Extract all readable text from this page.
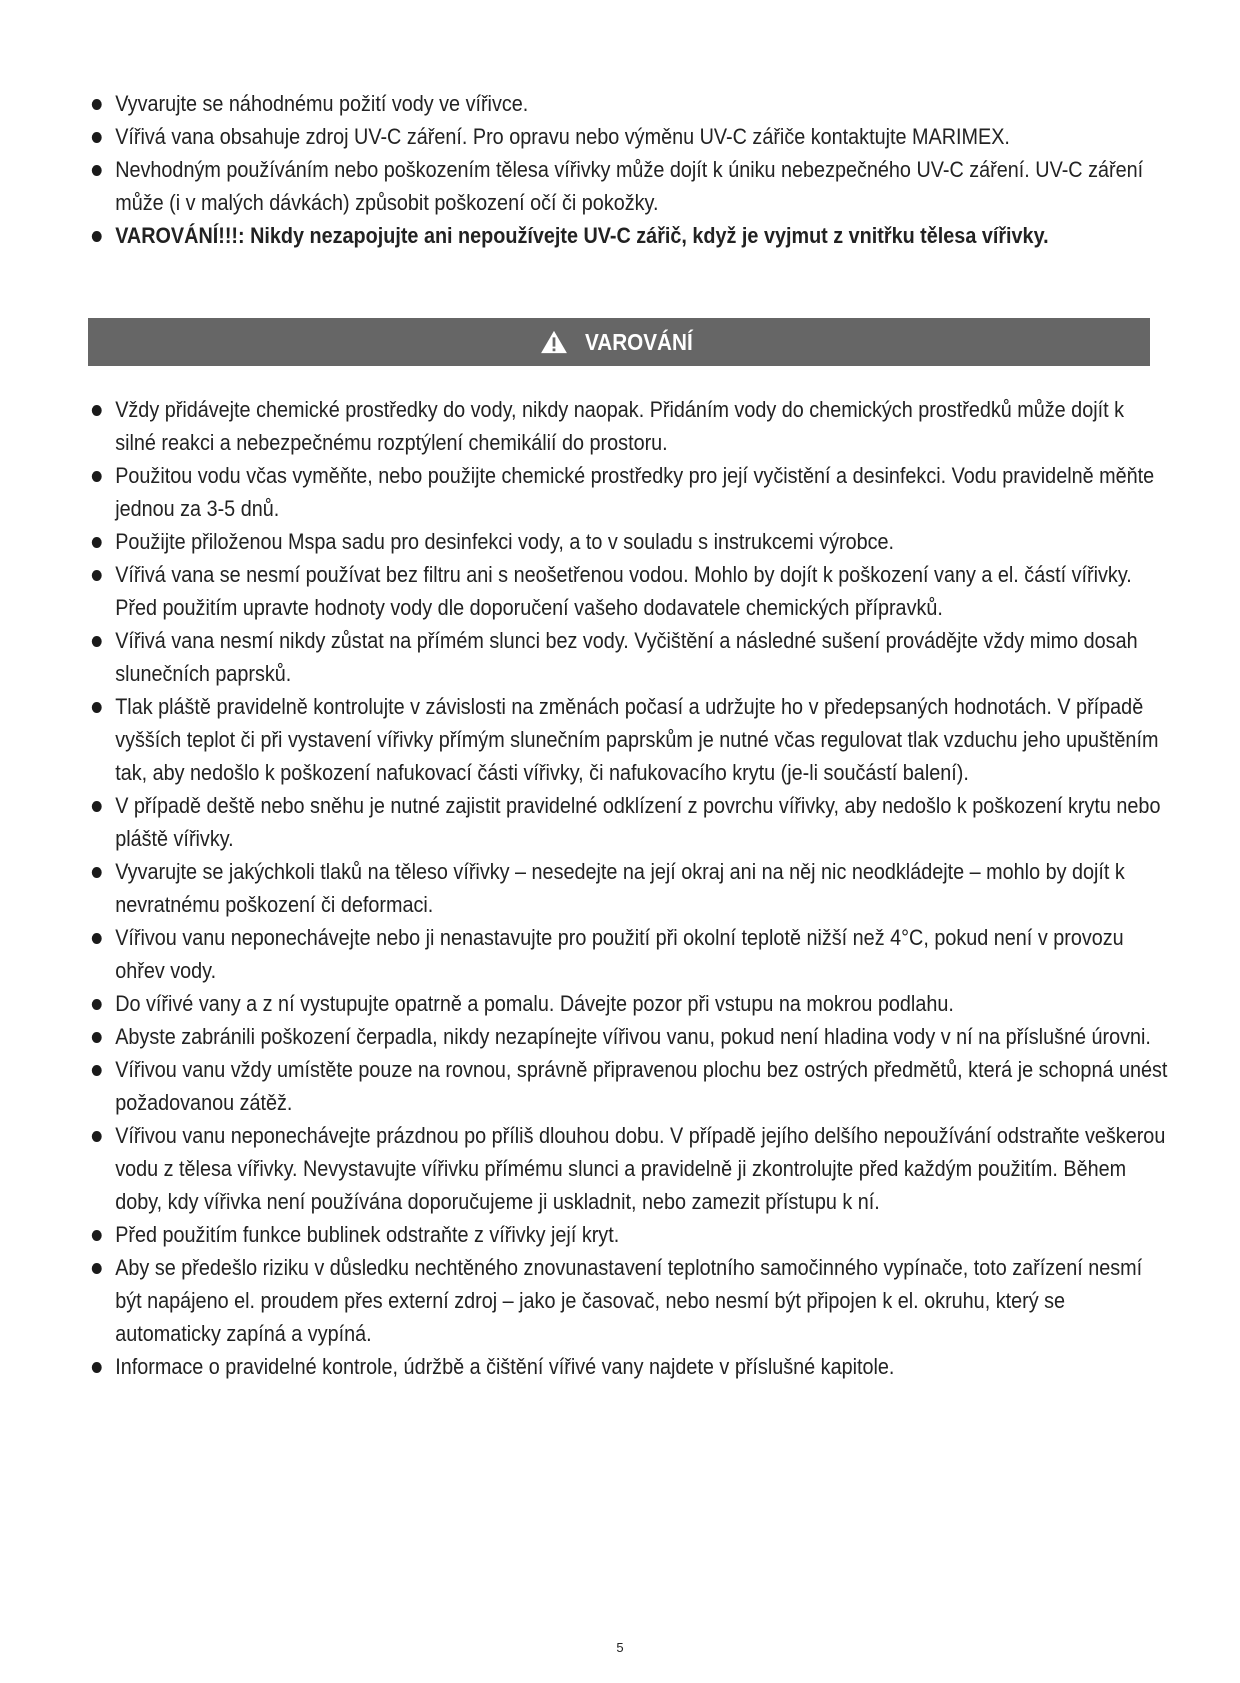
Vyvarujte se náhodnému požití vody ve vířivce.
Vířivá vana obsahuje zdroj UV-C záření. Pro opravu nebo výměnu UV-C zářiče kontaktujte MARIMEX.
Nevhodným používáním nebo poškozením tělesa vířivky může dojít k úniku nebezpečného UV-C záření. UV-C záření může (i v malých dávkách) způsobit poškození očí či pokožky.
VAROVÁNÍ!!!: Nikdy nezapojujte ani nepoužívejte UV-C zářič, když je vyjmut z vnitřku tělesa vířivky.
VAROVÁNÍ
Vždy přidávejte chemické prostředky do vody, nikdy naopak. Přidáním vody do chemických prostředků může dojít k silné reakci a nebezpečnému rozptýlení chemikálií do prostoru.
Použitou vodu včas vyměňte, nebo použijte chemické prostředky pro její vyčistění a desinfekci. Vodu pravidelně měňte jednou za 3-5 dnů.
Použijte přiloženou Mspa sadu pro desinfekci vody, a to v souladu s instrukcemi výrobce.
Vířivá vana se nesmí používat bez filtru ani s neošetřenou vodou. Mohlo by dojít k poškození vany a el. částí vířivky. Před použitím upravte hodnoty vody dle doporučení vašeho dodavatele chemických přípravků.
Vířivá vana nesmí nikdy zůstat na přímém slunci bez vody. Vyčištění a následné sušení provádějte vždy mimo dosah slunečních paprsků.
Tlak pláště pravidelně kontrolujte v závislosti na změnách počasí a udržujte ho v předepsaných hodnotách. V případě vyšších teplot či při vystavení vířivky přímým slunečním paprskům je nutné včas regulovat tlak vzduchu jeho upuštěním tak, aby nedošlo k poškození nafukovací části vířivky, či nafukovacího krytu (je-li součástí balení).
V případě deště nebo sněhu je nutné zajistit pravidelné odklízení z povrchu vířivky, aby nedošlo k poškození krytu nebo pláště vířivky.
Vyvarujte se jakýchkoli tlaků na těleso vířivky – nesedejte na její okraj ani na něj nic neodkládejte – mohlo by dojít k nevratnému poškození či deformaci.
Vířivou vanu neponechávejte nebo ji nenastavujte pro použití při okolní teplotě nižší než 4°C, pokud není v provozu ohřev vody.
Do vířivé vany a z ní vystupujte opatrně a pomalu. Dávejte pozor při vstupu na mokrou podlahu.
Abyste zabránili poškození čerpadla, nikdy nezapínejte vířivou vanu, pokud není hladina vody v ní na příslušné úrovni.
Vířivou vanu vždy umístěte pouze na rovnou, správně připravenou plochu bez ostrých předmětů, která je schopná unést požadovanou zátěž.
Vířivou vanu neponechávejte prázdnou po příliš dlouhou dobu. V případě jejího delšího nepoužívání odstraňte veškerou vodu z tělesa vířivky. Nevystavujte vířivku přímému slunci a pravidelně ji zkontrolujte před každým použitím. Během doby, kdy vířivka není používána doporučujeme ji uskladnit, nebo zamezit přístupu k ní.
Před použitím funkce bublinek odstraňte z vířivky její kryt.
Aby se předešlo riziku v důsledku nechtěného znovunastavení teplotního samočinného vypínače, toto zařízení nesmí být napájeno el. proudem přes externí zdroj – jako je časovač, nebo nesmí být připojen k el. okruhu, který se automaticky zapíná a vypíná.
Informace o pravidelné kontrole, údržbě a čištění vířivé vany najdete v příslušné kapitole.
5
